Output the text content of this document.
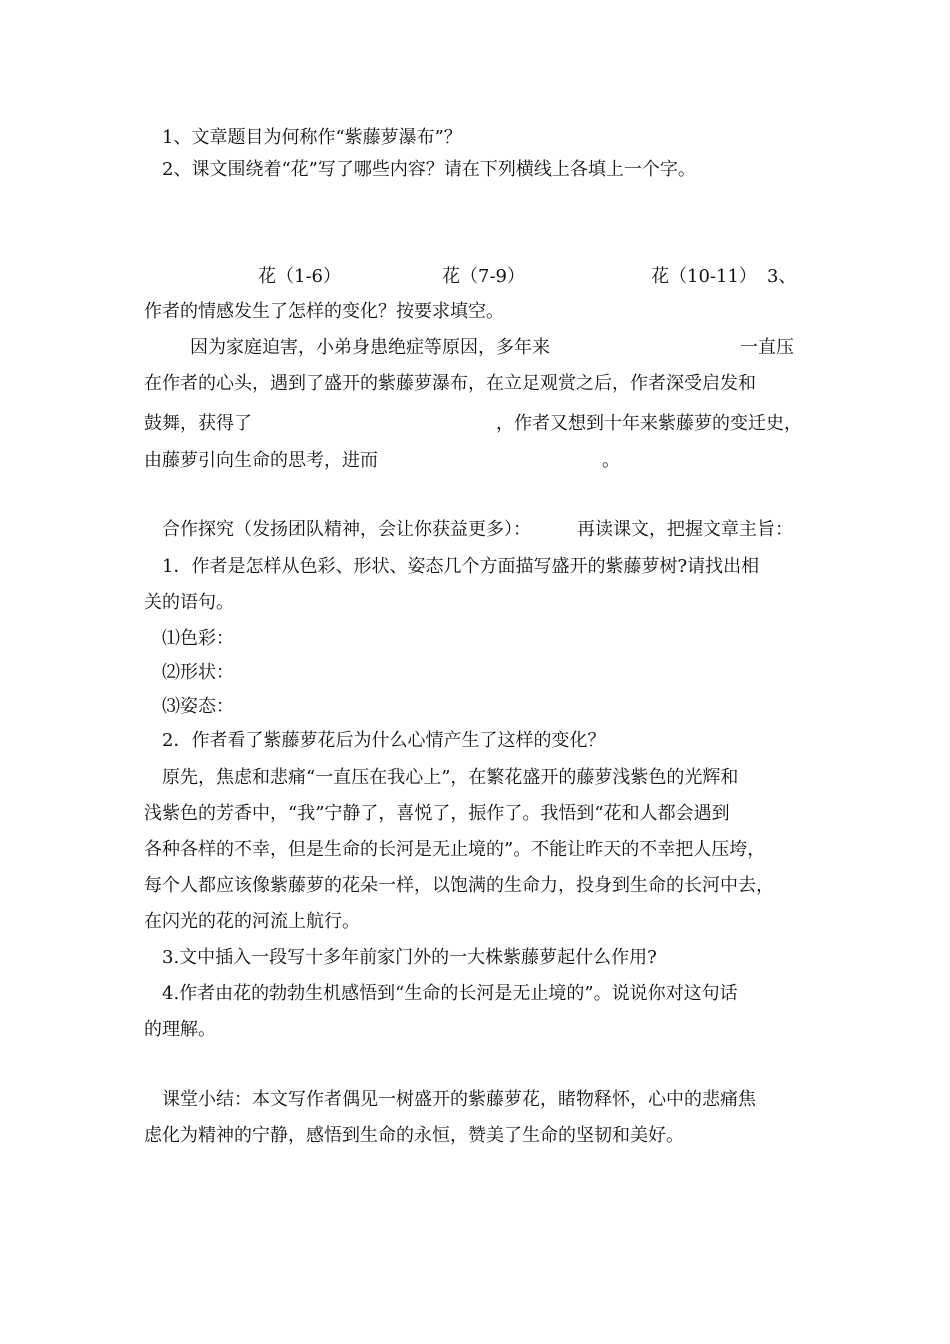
1、文章题目为何称作“紫藤萝瀑布”？
2、课文围绕着“花”写了哪些内容？请在下列横线上各填上一个字。
花（1-6）	花（7-9）	花（10-11） 3、
作者的情感发生了怎样的变化？按要求填空。
因为家庭迫害，小弟身患绝症等原因，多年来	一直压
在作者的心头，遇到了盛开的紫藤萝瀑布，在立足观赏之后，作者深受启发和
鼓舞，获得了	，作者又想到十年来紫藤萝的变迁史，
由藤萝引向生命的思考，进而	。
合作探究（发扬团队精神，会让你获益更多）：	再读课文，把握文章主旨：
1．作者是怎样从色彩、形状、姿态几个方面描写盛开的紫藤萝树?请找出相
关的语句。
⑴色彩：
⑵形状：
⑶姿态：
2．作者看了紫藤萝花后为什么心情产生了这样的变化？
原先，焦虑和悲痛“一直压在我心上”，在繁花盛开的藤萝浅紫色的光辉和
浅紫色的芳香中，“我”宁静了，喜悦了，振作了。我悟到“花和人都会遇到
各种各样的不幸，但是生命的长河是无止境的”。不能让昨天的不幸把人压垮，
每个人都应该像紫藤萝的花朵一样，以饱满的生命力，投身到生命的长河中去，
在闪光的花的河流上航行。
3.文中插入一段写十多年前家门外的一大株紫藤萝起什么作用?
4.作者由花的勃勃生机感悟到“生命的长河是无止境的”。说说你对这句话
的理解。
课堂小结：本文写作者偶见一树盛开的紫藤萝花，睹物释怀，心中的悲痛焦
虑化为精神的宁静，感悟到生命的永恒，赞美了生命的坚韧和美好。
